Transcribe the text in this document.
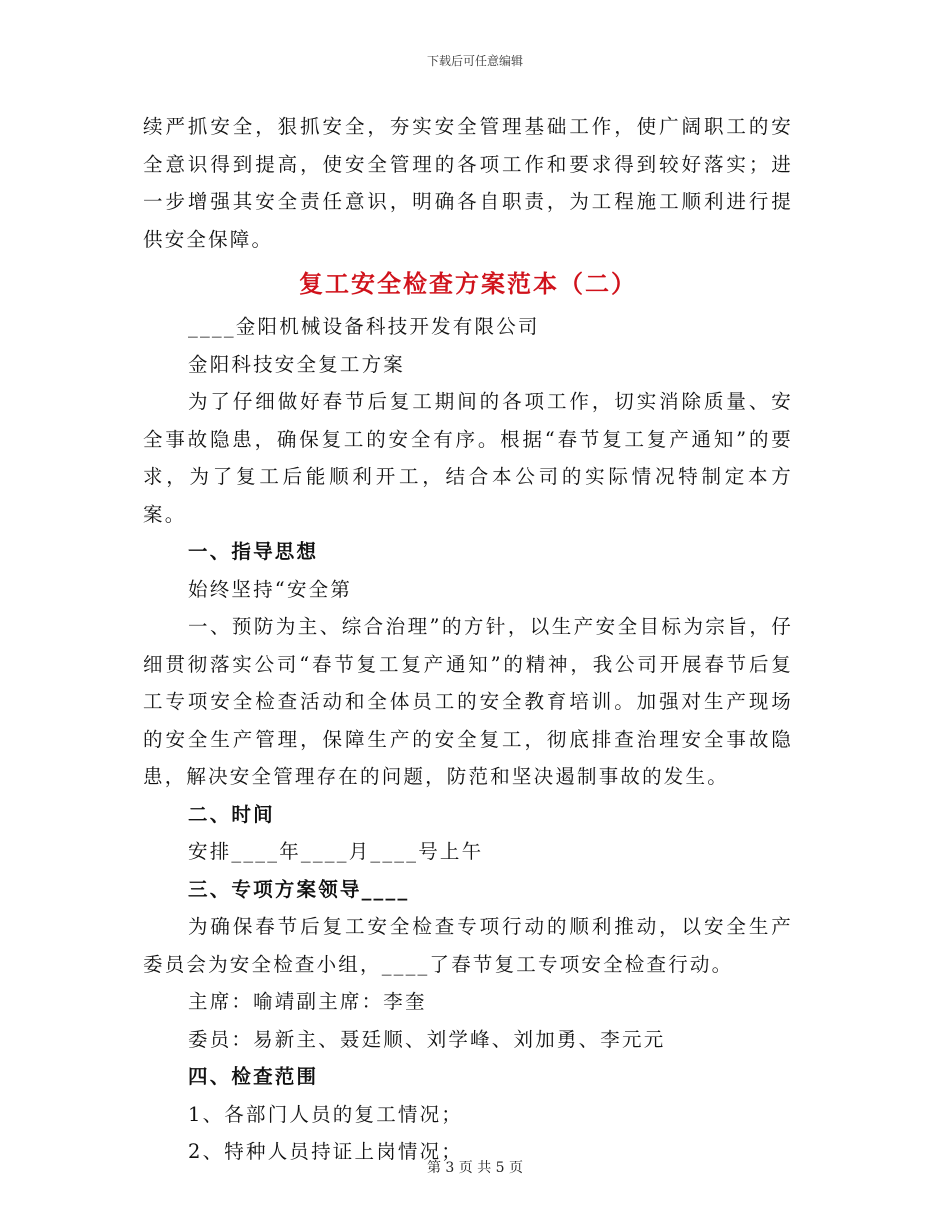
下载后可任意编辑

续严抓安全，狠抓安全，夯实安全管理基础工作，使广阔职工的安全意识得到提高，使安全管理的各项工作和要求得到较好落实；进一步增强其安全责任意识，明确各自职责，为工程施工顺利进行提供安全保障。

复工安全检查方案范本（二）

____金阳机械设备科技开发有限公司

金阳科技安全复工方案

为了仔细做好春节后复工期间的各项工作，切实消除质量、安全事故隐患，确保复工的安全有序。根据“春节复工复产通知”的要求，为了复工后能顺利开工，结合本公司的实际情况特制定本方案。

一、指导思想

始终坚持“安全第

一、预防为主、综合治理”的方针，以生产安全目标为宗旨，仔细贯彻落实公司“春节复工复产通知”的精神，我公司开展春节后复工专项安全检查活动和全体员工的安全教育培训。加强对生产现场的安全生产管理，保障生产的安全复工，彻底排查治理安全事故隐患，解决安全管理存在的问题，防范和坚决遏制事故的发生。

二、时间

安排____年____月____号上午

三、专项方案领导____

为确保春节后复工安全检查专项行动的顺利推动，以安全生产委员会为安全检查小组，____了春节复工专项安全检查行动。

主席：喻靖副主席：李奎

委员：易新主、聂廷顺、刘学峰、刘加勇、李元元

四、检查范围

1、各部门人员的复工情况；

2、特种人员持证上岗情况；

第 3 页 共 5 页
